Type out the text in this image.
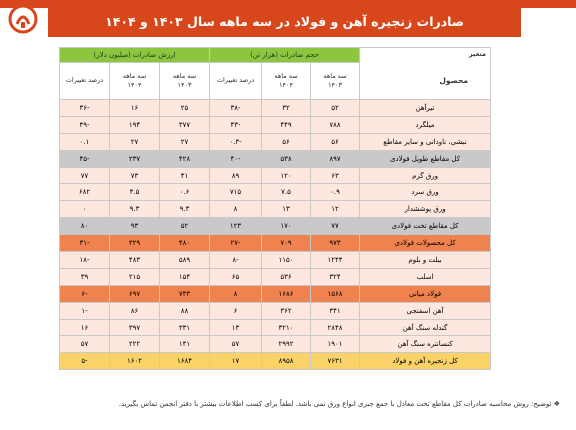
صادرات زنجیره آهن و فولاد در سه ماهه سال ۱۴۰۳ و ۱۴۰۴
متغیر
محصول	حجم صادرات (هزار تن)			ارزش صادرات (میلیون دلار)		
	سه ماهه ۱۴۰۳	سه ماهه ۱۴۰۴	درصد تغییرات	سه ماهه ۱۴۰۳	سه ماهه ۱۴۰۴	درصد تغییرات
تیرآهن	۵۲	۳۲	-۳۸	۲۵	۱۶	-۳۶
میلگرد	۷۸۸	۴۴۹	-۴۳	۳۷۷	۱۹۴	-۴۹
نبشی، ناودانی و سایر مقاطع	۵۶	۵۶	-۰.۳	۲۷	۲۷	۰.۱
کل مقاطع طویل فولادی	۸۹۷	۵۳۸	-۴۰	۴۲۸	۲۳۷	-۴۵
ورق گرم	۶۳	۱۲۰	۸۹	۴۱	۷۳	۷۷
ورق سرد	۰.۹	۷.۵	۷۱۵	۰.۶	۴.۵	۶۸۲
ورق پوششدار	۱۲	۱۳	۸	۹.۳	۹.۳	۰
کل مقاطع تخت فولادی	۷۷	۱۷۰	۱۲۳	۵۲	۹۳	۸۰
کل محصولات فولادی	۹۷۳	۷۰۹	-۲۷	۴۸۰	۳۲۹	-۳۱
بیلت و بلوم	۱۲۴۴	۱۱۵۰	-۸	۵۸۹	۴۸۳	-۱۸
اسلب	۳۲۴	۵۳۶	۶۵	۱۵۴	۲۱۵	۳۹
فولاد میانی	۱۵۶۸	۱۶۸۶	۸	۷۴۳	۶۹۷	-۶
آهن اسفنجی	۳۴۱	۳۶۲	۶	۸۸	۸۶	-۱
گندله سنگ آهن	۲۸۴۸	۳۲۱۰	۱۳	۳۳۱	۳۹۷	۱۶
کنسانتره سنگ آهن	۱۹۰۱	۲۹۹۲	۵۷	۱۴۱	۲۲۲	۵۷
کل زنجیره آهن و فولاد	۷۶۳۱	۸۹۵۸	۱۷	۱۶۸۴	۱۶۰۲	-۵
❖ توضیح: روش محاسبه صادرات کل مقاطع تخت معادل با جمع جبری انواع ورق نمی باشد. لطفاً برای کسب اطلاعات بیشتر با دفتر انجمن تماس بگیرید.
